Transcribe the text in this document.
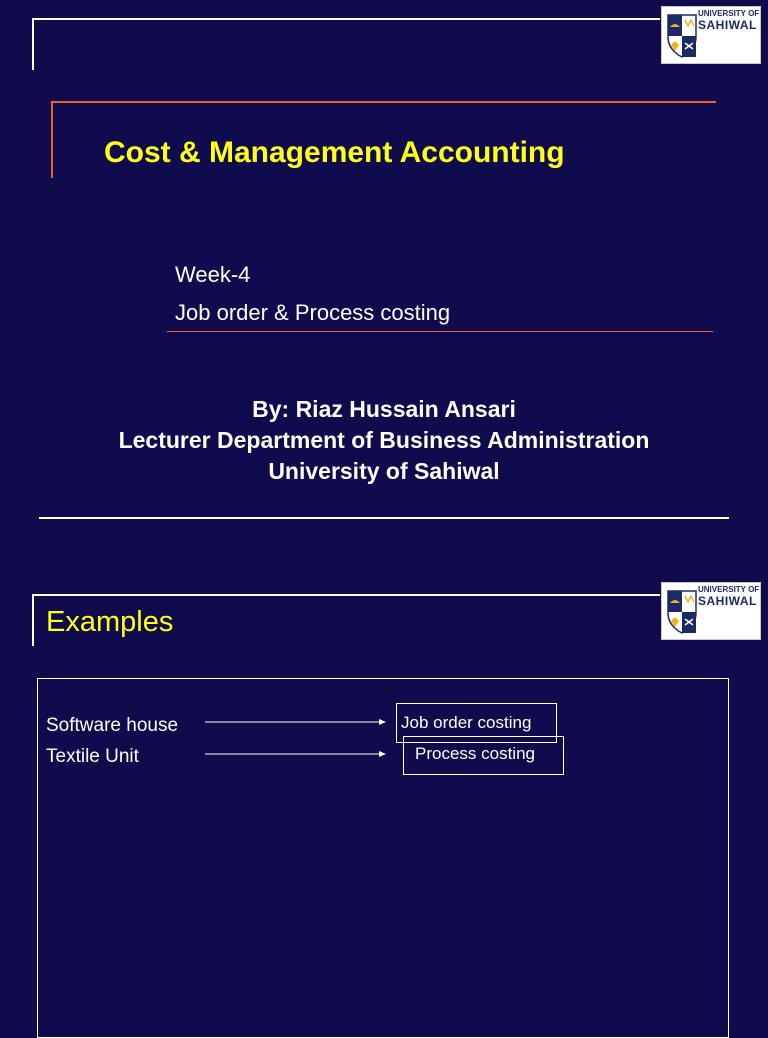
UNIVERSITY OF
SAHIWAL
Cost & Management Accounting
Week-4
Job order & Process costing
By: Riaz Hussain Ansari
Lecturer Department of Business Administration
University of Sahiwal
UNIVERSITY OF
SAHIWAL
Examples
Software house	Job order costing
Textile Unit	Process costing
